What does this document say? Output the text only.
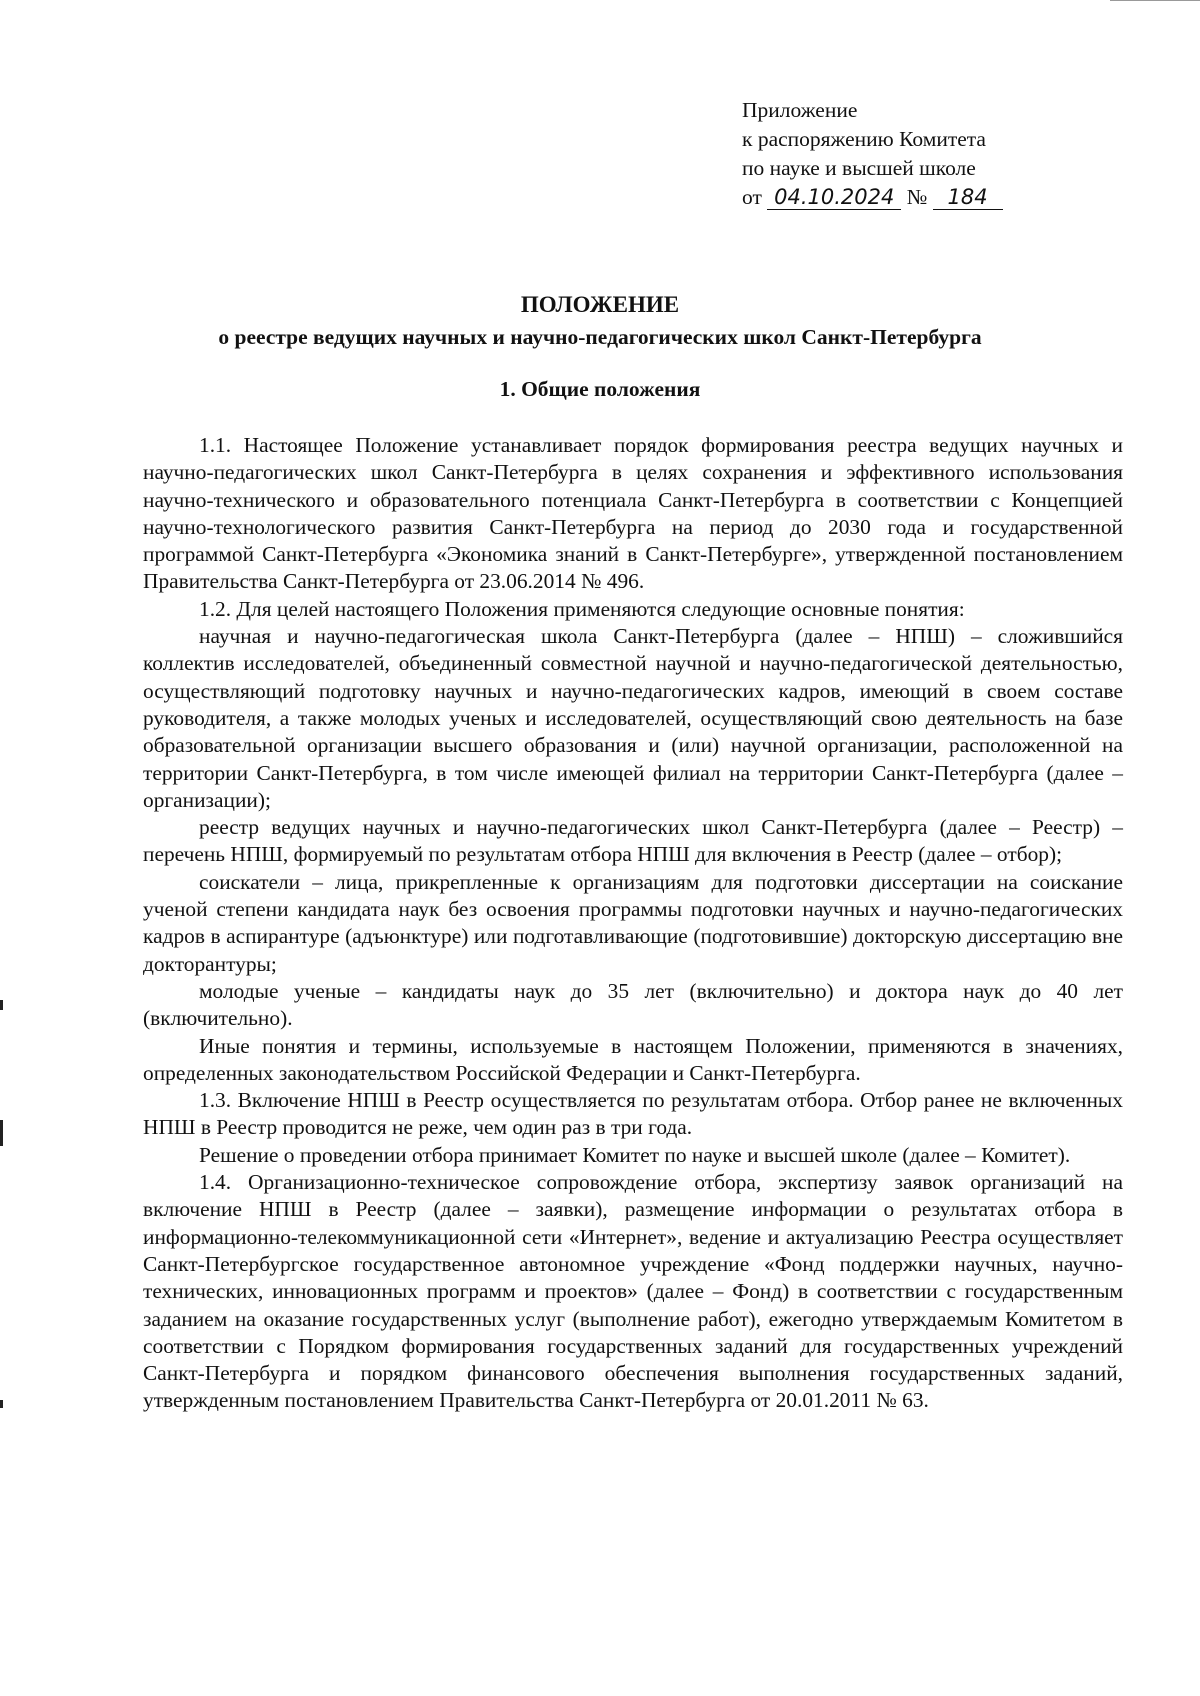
Приложение
к распоряжению Комитета
по науке и высшей школе
от 04.10.2024 № 184
ПОЛОЖЕНИЕ
о реестре ведущих научных и научно-педагогических школ Санкт-Петербурга
1. Общие положения

1.1. Настоящее Положение устанавливает порядок формирования реестра ведущих научных и научно-педагогических школ Санкт-Петербурга в целях сохранения и эффективного использования научно-технического и образовательного потенциала Санкт-Петербурга в соответствии с Концепцией научно-технологического развития Санкт-Петербурга на период до 2030 года и государственной программой Санкт-Петербурга «Экономика знаний в Санкт-Петербурге», утвержденной постановлением Правительства Санкт-Петербурга от 23.06.2014 № 496.

1.2. Для целей настоящего Положения применяются следующие основные понятия:

научная и научно-педагогическая школа Санкт-Петербурга (далее – НПШ) – сложившийся коллектив исследователей, объединенный совместной научной и научно-педагогической деятельностью, осуществляющий подготовку научных и научно-педагогических кадров, имеющий в своем составе руководителя, а также молодых ученых и исследователей, осуществляющий свою деятельность на базе образовательной организации высшего образования и (или) научной организации, расположенной на территории Санкт-Петербурга, в том числе имеющей филиал на территории Санкт-Петербурга (далее – организации);

реестр ведущих научных и научно-педагогических школ Санкт-Петербурга (далее – Реестр) – перечень НПШ, формируемый по результатам отбора НПШ для включения в Реестр (далее – отбор);

соискатели – лица, прикрепленные к организациям для подготовки диссертации на соискание ученой степени кандидата наук без освоения программы подготовки научных и научно-педагогических кадров в аспирантуре (адъюнктуре) или подготавливающие (подготовившие) докторскую диссертацию вне докторантуры;

молодые ученые – кандидаты наук до 35 лет (включительно) и доктора наук до 40 лет (включительно).

Иные понятия и термины, используемые в настоящем Положении, применяются в значениях, определенных законодательством Российской Федерации и Санкт-Петербурга.

1.3. Включение НПШ в Реестр осуществляется по результатам отбора. Отбор ранее не включенных НПШ в Реестр проводится не реже, чем один раз в три года.

Решение о проведении отбора принимает Комитет по науке и высшей школе (далее – Комитет).

1.4. Организационно-техническое сопровождение отбора, экспертизу заявок организаций на включение НПШ в Реестр (далее – заявки), размещение информации о результатах отбора в информационно-телекоммуникационной сети «Интернет», ведение и актуализацию Реестра осуществляет Санкт-Петербургское государственное автономное учреждение «Фонд поддержки научных, научно-технических, инновационных программ и проектов» (далее – Фонд) в соответствии с государственным заданием на оказание государственных услуг (выполнение работ), ежегодно утверждаемым Комитетом в соответствии с Порядком формирования государственных заданий для государственных учреждений Санкт-Петербурга и порядком финансового обеспечения выполнения государственных заданий, утвержденным постановлением Правительства Санкт-Петербурга от 20.01.2011 № 63.
